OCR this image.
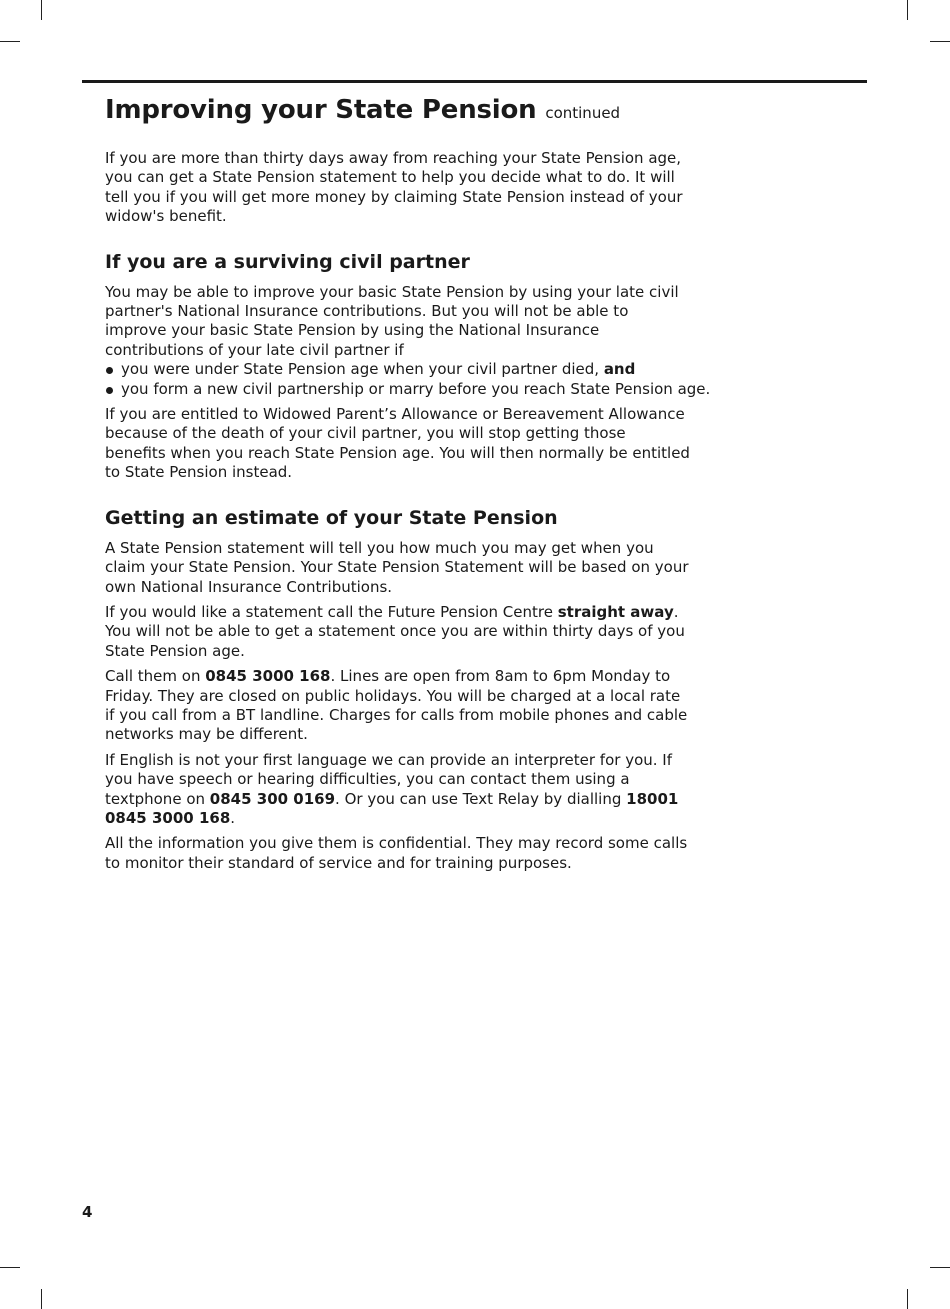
Improving your State Pension continued

If you are more than thirty days away from reaching your State Pension age, you can get a State Pension statement to help you decide what to do. It will tell you if you will get more money by claiming State Pension instead of your widow's benefit.

If you are a surviving civil partner

You may be able to improve your basic State Pension by using your late civil partner's National Insurance contributions. But you will not be able to improve your basic State Pension by using the National Insurance contributions of your late civil partner if

you were under State Pension age when your civil partner died, and
you form a new civil partnership or marry before you reach State Pension age.

If you are entitled to Widowed Parent’s Allowance or Bereavement Allowance because of the death of your civil partner, you will stop getting those benefits when you reach State Pension age. You will then normally be entitled to State Pension instead.

Getting an estimate of your State Pension

A State Pension statement will tell you how much you may get when you claim your State Pension. Your State Pension Statement will be based on your own National Insurance Contributions.

If you would like a statement call the Future Pension Centre straight away. You will not be able to get a statement once you are within thirty days of you State Pension age.

Call them on 0845 3000 168. Lines are open from 8am to 6pm Monday to Friday. They are closed on public holidays. You will be charged at a local rate if you call from a BT landline. Charges for calls from mobile phones and cable networks may be different.

If English is not your first language we can provide an interpreter for you. If you have speech or hearing difficulties, you can contact them using a textphone on 0845 300 0169. Or you can use Text Relay by dialling 18001 0845 3000 168.

All the information you give them is confidential. They may record some calls to monitor their standard of service and for training purposes.

4
